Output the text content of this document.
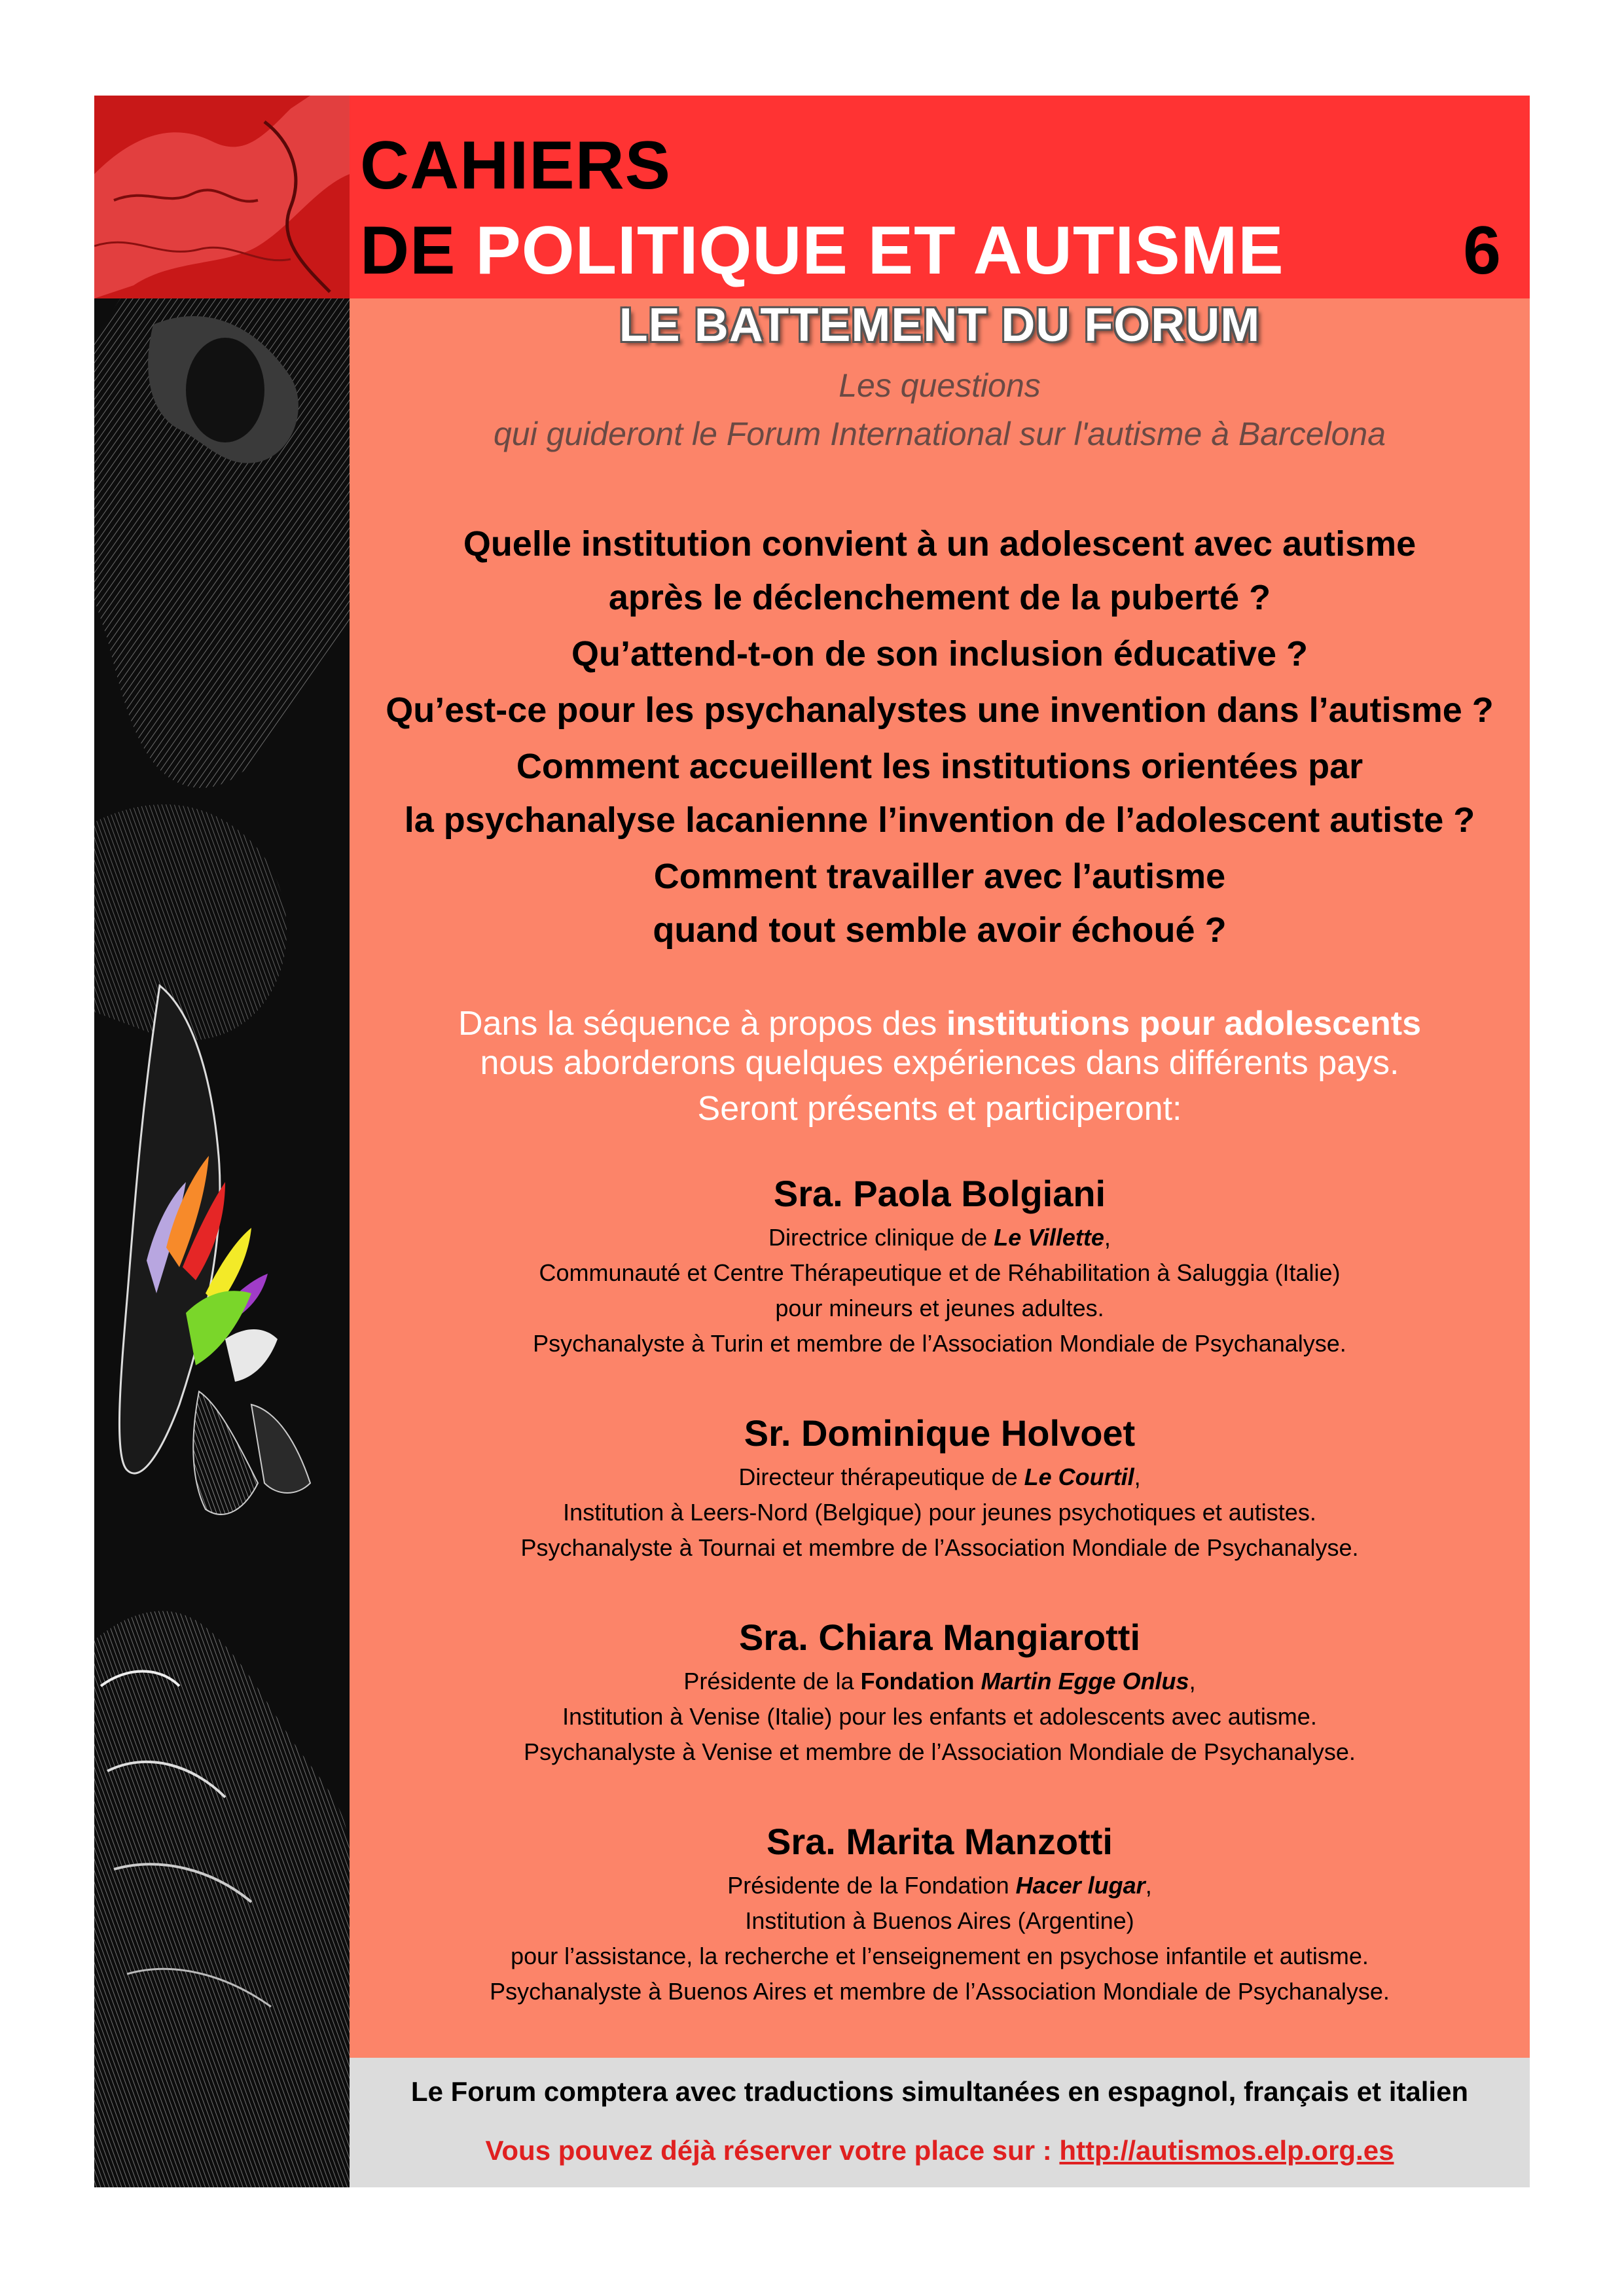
CAHIERS
DE POLITIQUE ET AUTISME	6

LE BATTEMENT DU FORUM

Les questions

qui guideront le Forum International sur l'autisme à Barcelona

Quelle institution convient à un adolescent avec autisme

après le déclenchement de la puberté ?

Qu’attend-t-on de son inclusion éducative ?

Qu’est-ce pour les psychanalystes une invention dans l’autisme ?

Comment accueillent les institutions orientées par

la psychanalyse lacanienne l’invention de l’adolescent autiste ?

Comment travailler avec l’autisme

quand tout semble avoir échoué ?

Dans la séquence à propos des institutions pour adolescents

nous aborderons quelques expériences dans différents pays.

Seront présents et participeront:

Sra. Paola Bolgiani

Directrice clinique de Le Villette,

Communauté et Centre Thérapeutique et de Réhabilitation à Saluggia (Italie)

pour mineurs et jeunes adultes.

Psychanalyste à Turin et membre de l’Association Mondiale de Psychanalyse.

Sr. Dominique Holvoet

Directeur thérapeutique de Le Courtil,

Institution à Leers-Nord (Belgique) pour jeunes psychotiques et autistes.

Psychanalyste à Tournai et membre de l’Association Mondiale de Psychanalyse.

Sra. Chiara Mangiarotti

Présidente de la Fondation Martin Egge Onlus,

Institution à Venise (Italie) pour les enfants et adolescents avec autisme.

Psychanalyste à Venise et membre de l’Association Mondiale de Psychanalyse.

Sra. Marita Manzotti

Présidente de la Fondation Hacer lugar,

Institution à Buenos Aires (Argentine)

pour l’assistance, la recherche et l’enseignement en psychose infantile et autisme.

Psychanalyste à Buenos Aires et membre de l’Association Mondiale de Psychanalyse.

Le Forum comptera avec traductions simultanées en espagnol, français et italien

Vous pouvez déjà réserver votre place sur : http://autismos.elp.org.es
